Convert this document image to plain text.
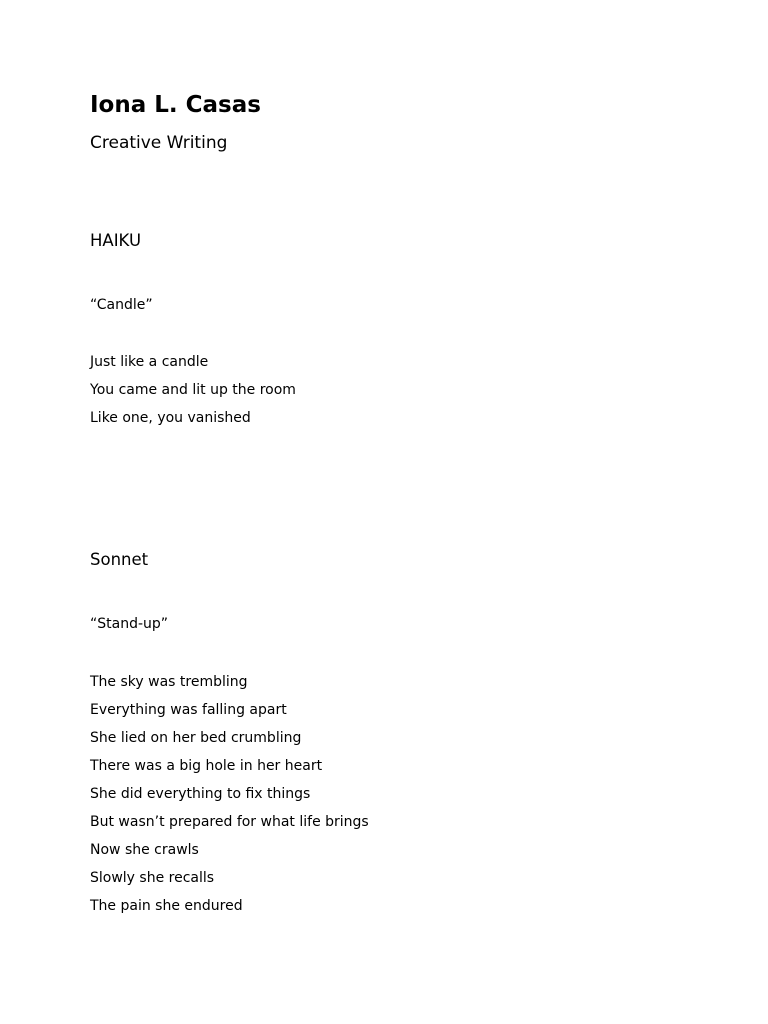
Iona L. Casas
Creative Writing
HAIKU
“Candle”
Just like a candle
You came and lit up the room
Like one, you vanished
Sonnet
“Stand-up”
The sky was trembling
Everything was falling apart
She lied on her bed crumbling
There was a big hole in her heart
She did everything to fix things
But wasn’t prepared for what life brings
Now she crawls
Slowly she recalls
The pain she endured
